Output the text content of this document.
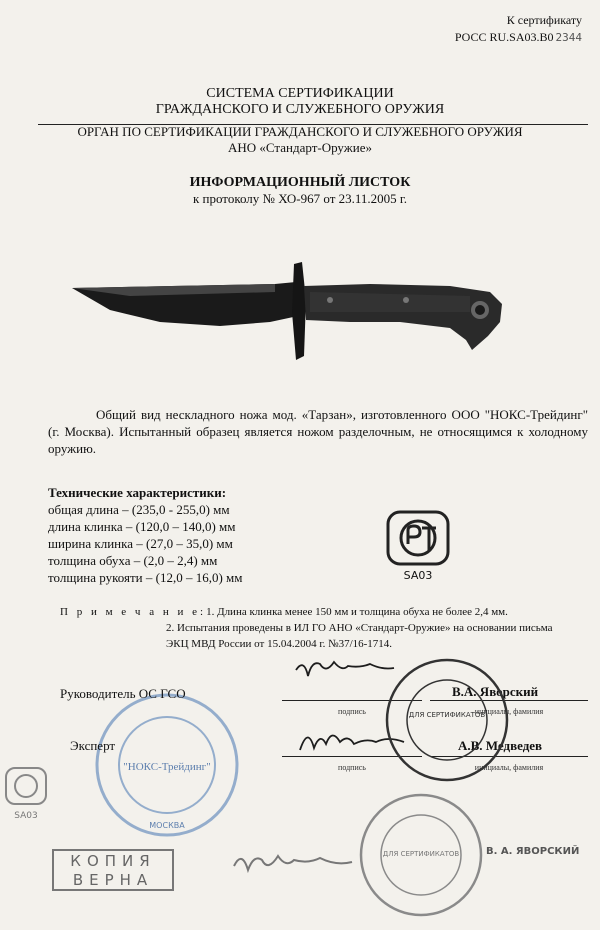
К сертификату
РОСС RU.SA03.B0 2344
СИСТЕМА СЕРТИФИКАЦИИ
ГРАЖДАНСКОГО И СЛУЖЕБНОГО ОРУЖИЯ
ОРГАН ПО СЕРТИФИКАЦИИ ГРАЖДАНСКОГО И СЛУЖЕБНОГО ОРУЖИЯ
АНО «Стандарт-Оружие»
ИНФОРМАЦИОННЫЙ ЛИСТОК
к протоколу № ХО-967 от 23.11.2005 г.
Общий вид нескладного ножа мод. «Тарзан», изготовленного ООО "НОКС-Трейдинг" (г. Москва). Испытанный образец является ножом разделочным, не относящимся к холодному оружию.
Технические характеристики:
общая длина – (235,0 - 255,0) мм
длина клинка – (120,0 – 140,0) мм
ширина клинка – (27,0 – 35,0) мм
толщина обуха – (2,0 – 2,4) мм
толщина рукояти – (12,0 – 16,0) мм	SA03
П р и м е ч а н и е:1. Длина клинка менее 150 мм и толщина обуха не более 2,4 мм.
2. Испытания проведены в ИЛ ГО АНО «Стандарт-Оружие» на основании письма
ЭКЦ МВД России от 15.04.2004 г. №37/16-1714.
"НОКС-Трейдинг"
МОСКВА
Руководитель ОС ГСО
подпись
В.А. Яворский
инициалы, фамилия
Эксперт
подпись
А.В. Медведев
инициалы, фамилия
ДЛЯ СЕРТИФИКАТОВ
SA03
КОПИЯ
ВЕРНА
ДЛЯ СЕРТИФИКАТОВ	В. А. ЯВОРСКИЙ
